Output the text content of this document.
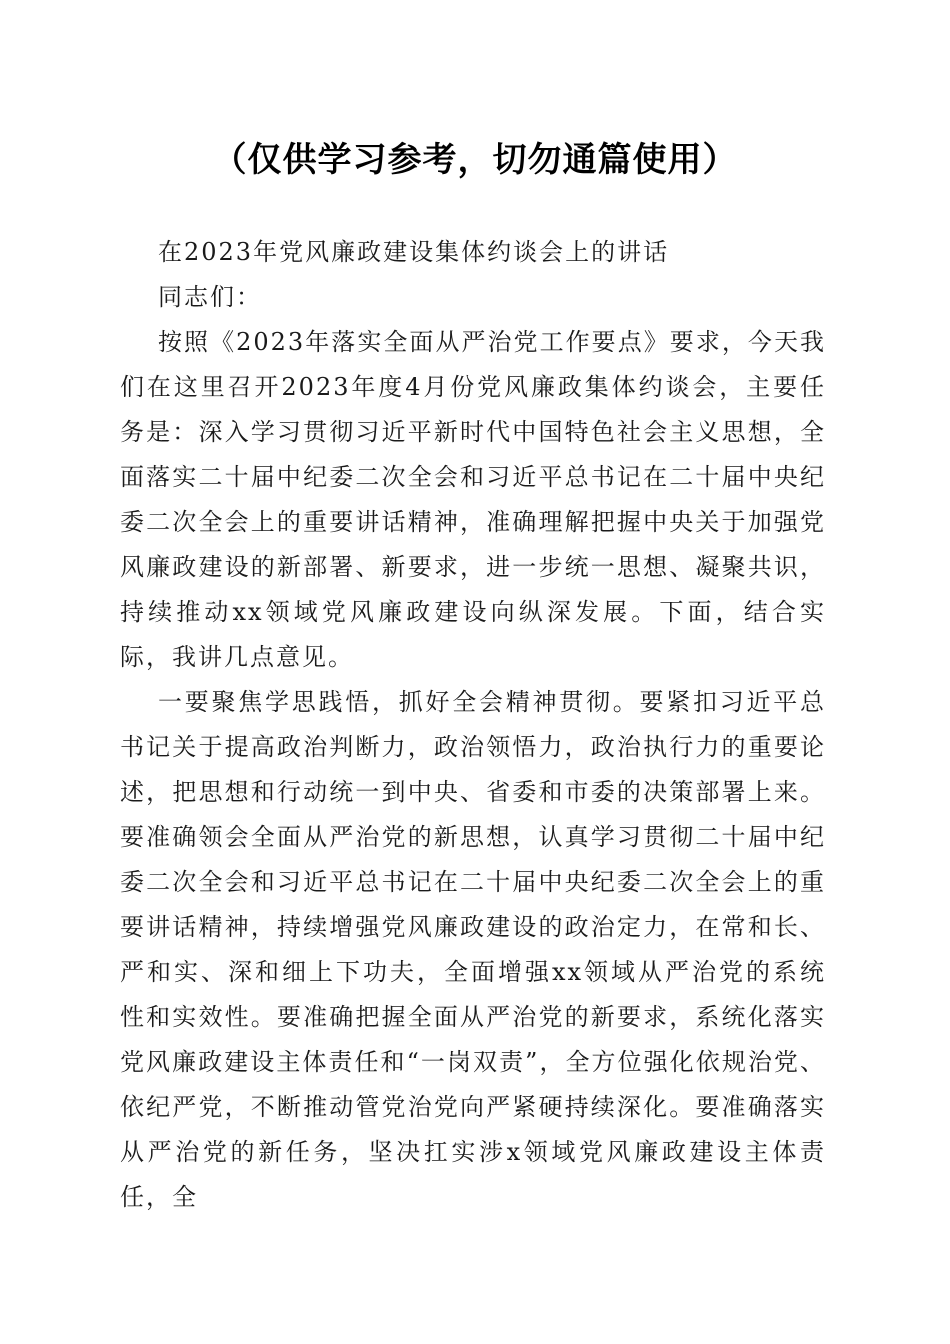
（仅供学习参考，切勿通篇使用）

在2023年党风廉政建设集体约谈会上的讲话

同志们：

按照《2023年落实全面从严治党工作要点》要求，今天我们在这里召开2023年度4月份党风廉政集体约谈会，主要任务是：深入学习贯彻习近平新时代中国特色社会主义思想，全面落实二十届中纪委二次全会和习近平总书记在二十届中央纪委二次全会上的重要讲话精神，准确理解把握中央关于加强党风廉政建设的新部署、新要求，进一步统一思想、凝聚共识，持续推动xx领域党风廉政建设向纵深发展。下面，结合实际，我讲几点意见。

一要聚焦学思践悟，抓好全会精神贯彻。要紧扣习近平总书记关于提高政治判断力，政治领悟力，政治执行力的重要论述，把思想和行动统一到中央、省委和市委的决策部署上来。要准确领会全面从严治党的新思想，认真学习贯彻二十届中纪委二次全会和习近平总书记在二十届中央纪委二次全会上的重要讲话精神，持续增强党风廉政建设的政治定力，在常和长、严和实、深和细上下功夫，全面增强xx领域从严治党的系统性和实效性。要准确把握全面从严治党的新要求，系统化落实党风廉政建设主体责任和“一岗双责”，全方位强化依规治党、依纪严党，不断推动管党治党向严紧硬持续深化。要准确落实从严治党的新任务，坚决扛实涉x领域党风廉政建设主体责任，全
